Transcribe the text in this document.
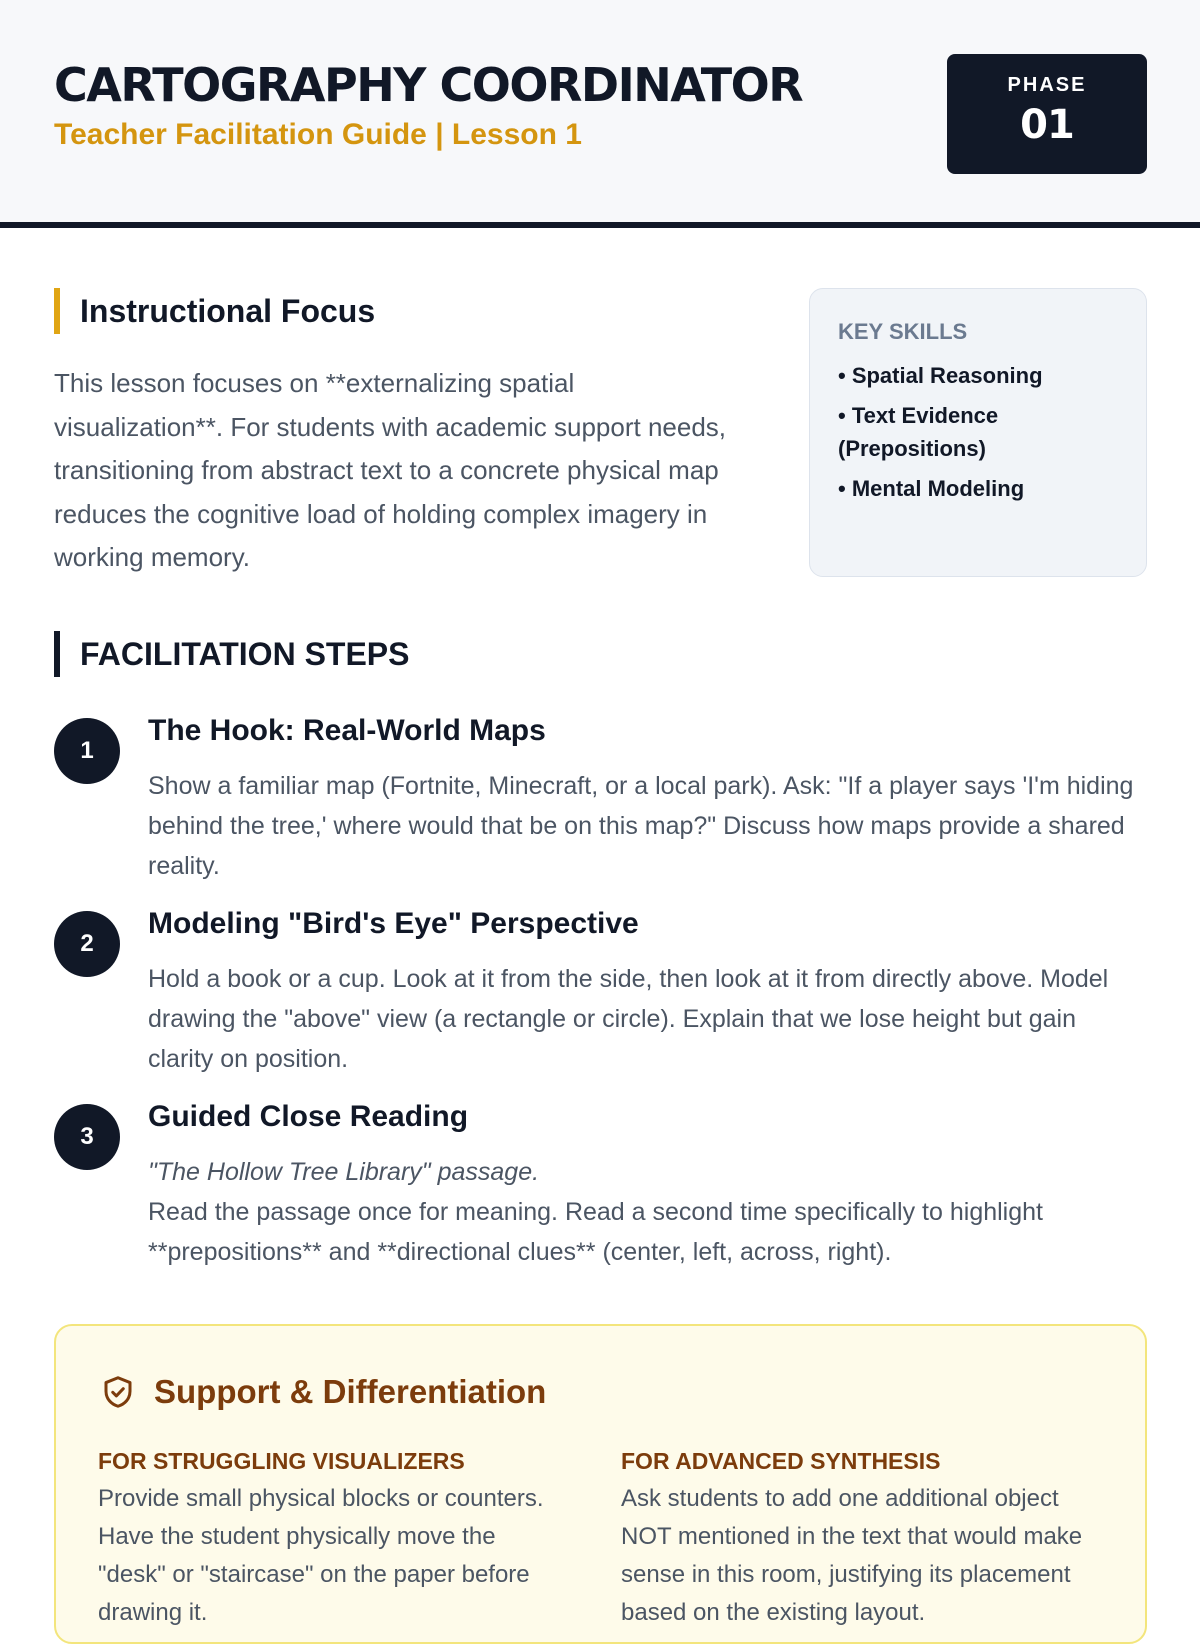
CARTOGRAPHY COORDINATOR
Teacher Facilitation Guide | Lesson 1
PHASE
01
Instructional Focus

This lesson focuses on **externalizing spatial visualization**. For students with academic support needs, transitioning from abstract text to a concrete physical map reduces the cognitive load of holding complex imagery in working memory.

KEY SKILLS
• Spatial Reasoning
• Text Evidence (Prepositions)
• Mental Modeling
FACILITATION STEPS
1
The Hook: Real-World Maps
Show a familiar map (Fortnite, Minecraft, or a local park). Ask: "If a player says 'I'm hiding behind the tree,' where would that be on this map?" Discuss how maps provide a shared reality.
2
Modeling "Bird's Eye" Perspective
Hold a book or a cup. Look at it from the side, then look at it from directly above. Model drawing the "above" view (a rectangle or circle). Explain that we lose height but gain clarity on position.
3
Guided Close Reading
"The Hollow Tree Library" passage.
Read the passage once for meaning. Read a second time specifically to highlight **prepositions** and **directional clues** (center, left, across, right).
Support & Differentiation
FOR STRUGGLING VISUALIZERS
Provide small physical blocks or counters. Have the student physically move the "desk" or "staircase" on the paper before drawing it.
FOR ADVANCED SYNTHESIS
Ask students to add one additional object NOT mentioned in the text that would make sense in this room, justifying its placement based on the existing layout.
